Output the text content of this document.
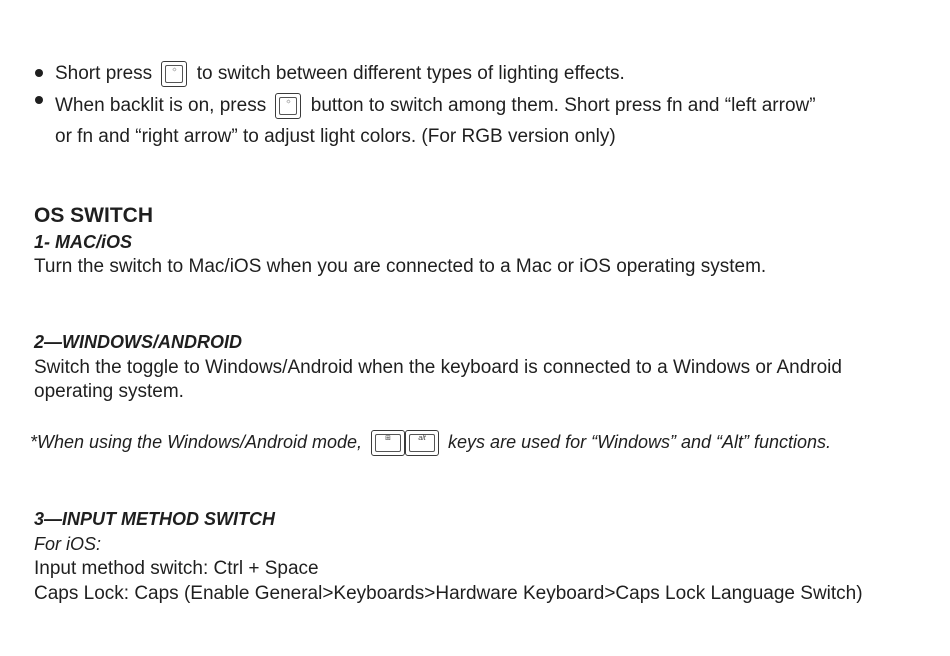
Short press	☼	to switch between different types of lighting effects.
When backlit is on, press	☼	button to switch among them. Short press fn and “left arrow”
or fn and “right arrow” to adjust light colors. (For RGB version only)
OS SWITCH
1- MAC/iOS
Turn the switch to Mac/iOS when you are connected to a Mac or iOS operating system.
2—WINDOWS/ANDROID
Switch the toggle to Windows/Android when the keyboard is connected to a Windows or Android
operating system.
*When using the Windows/Android mode,	⊞	alt	keys are used for “Windows” and “Alt” functions.
3—INPUT METHOD SWITCH
For iOS:
Input method switch: Ctrl + Space
Caps Lock: Caps (Enable General>Keyboards>Hardware Keyboard>Caps Lock Language Switch)
